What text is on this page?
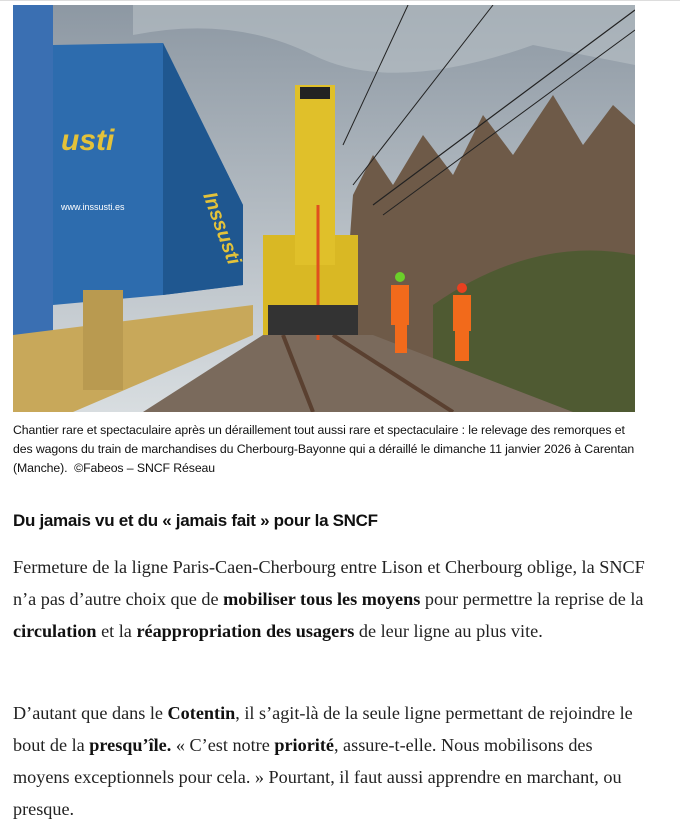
usti
www.inssusti.es	Inssusti
Chantier rare et spectaculaire après un déraillement tout aussi rare et spectaculaire : le relevage des remorques et des wagons du train de marchandises du Cherbourg-Bayonne qui a déraillé le dimanche 11 janvier 2026 à Carentan (Manche). ©Fabeos – SNCF Réseau
Du jamais vu et du « jamais fait » pour la SNCF

Fermeture de la ligne Paris-Caen-Cherbourg entre Lison et Cherbourg oblige, la SNCF n’a pas d’autre choix que de mobiliser tous les moyens pour permettre la reprise de la circulation et la réappropriation des usagers de leur ligne au plus vite.

D’autant que dans le Cotentin, il s’agit-là de la seule ligne permettant de rejoindre le bout de la presqu’île. « C’est notre priorité, assure-t-elle. Nous mobilisons des moyens exceptionnels pour cela. » Pourtant, il faut aussi apprendre en marchant, ou presque.
